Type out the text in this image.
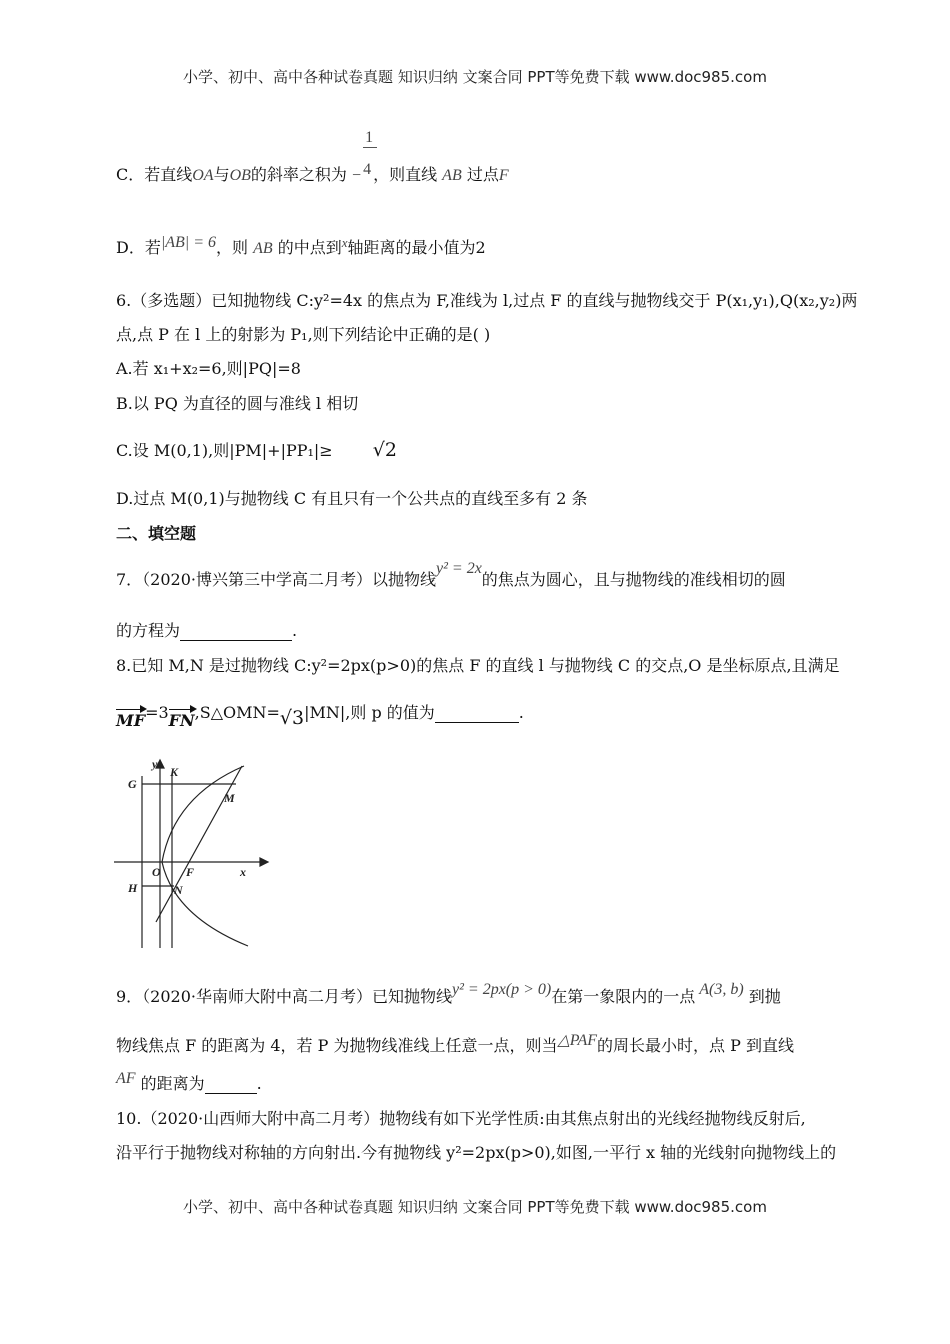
小学、初中、高中各种试卷真题 知识归纳 文案合同 PPT等免费下载 www.doc985.com
C．若直线OA与OB的斜率之积为 − $\frac{1}{4}$ ，则直线 AB 过点F
D．若|AB| = 6，则 AB 的中点到$^x$轴距离的最小值为2
6.（多选题）已知抛物线 C:y²=4x 的焦点为 F,准线为 l,过点 F 的直线与抛物线交于 P(x₁,y₁),Q(x₂,y₂)两
点,点 P 在 l 上的射影为 P₁,则下列结论中正确的是( )
A.若 x₁+x₂=6,则|PQ|=8
B.以 PQ 为直径的圆与准线 l 相切
C.设 M(0,1),则|PM|+|PP₁|≥ √2
D.过点 M(0,1)与抛物线 C 有且只有一个公共点的直线至多有 2 条
二、填空题
7．（2020·博兴第三中学高二月考）以抛物线y² = 2x的焦点为圆心，且与抛物线的准线相切的圆
的方程为	.
8.已知 M,N 是过抛物线 C:y²=2px(p>0)的焦点 F 的直线 l 与抛物线 C 的交点,O 是坐标原点,且满足
MF=3FN,S△OMN=√3|MN|,则 p 的值为	.
y
x
G
K
M
O F
H	N
9．（2020·华南师大附中高二月考）已知抛物线y² = 2px(p > 0)在第一象限内的一点 A(3, b) 到抛
物线焦点 F 的距离为 4，若 P 为抛物线准线上任意一点，则当△PAF的周长最小时，点 P 到直线
AF 的距离为	.
10.（2020·山西师大附中高二月考）抛物线有如下光学性质:由其焦点射出的光线经抛物线反射后,
沿平行于抛物线对称轴的方向射出.今有抛物线 y²=2px(p>0),如图,一平行 x 轴的光线射向抛物线上的
小学、初中、高中各种试卷真题 知识归纳 文案合同 PPT等免费下载 www.doc985.com
